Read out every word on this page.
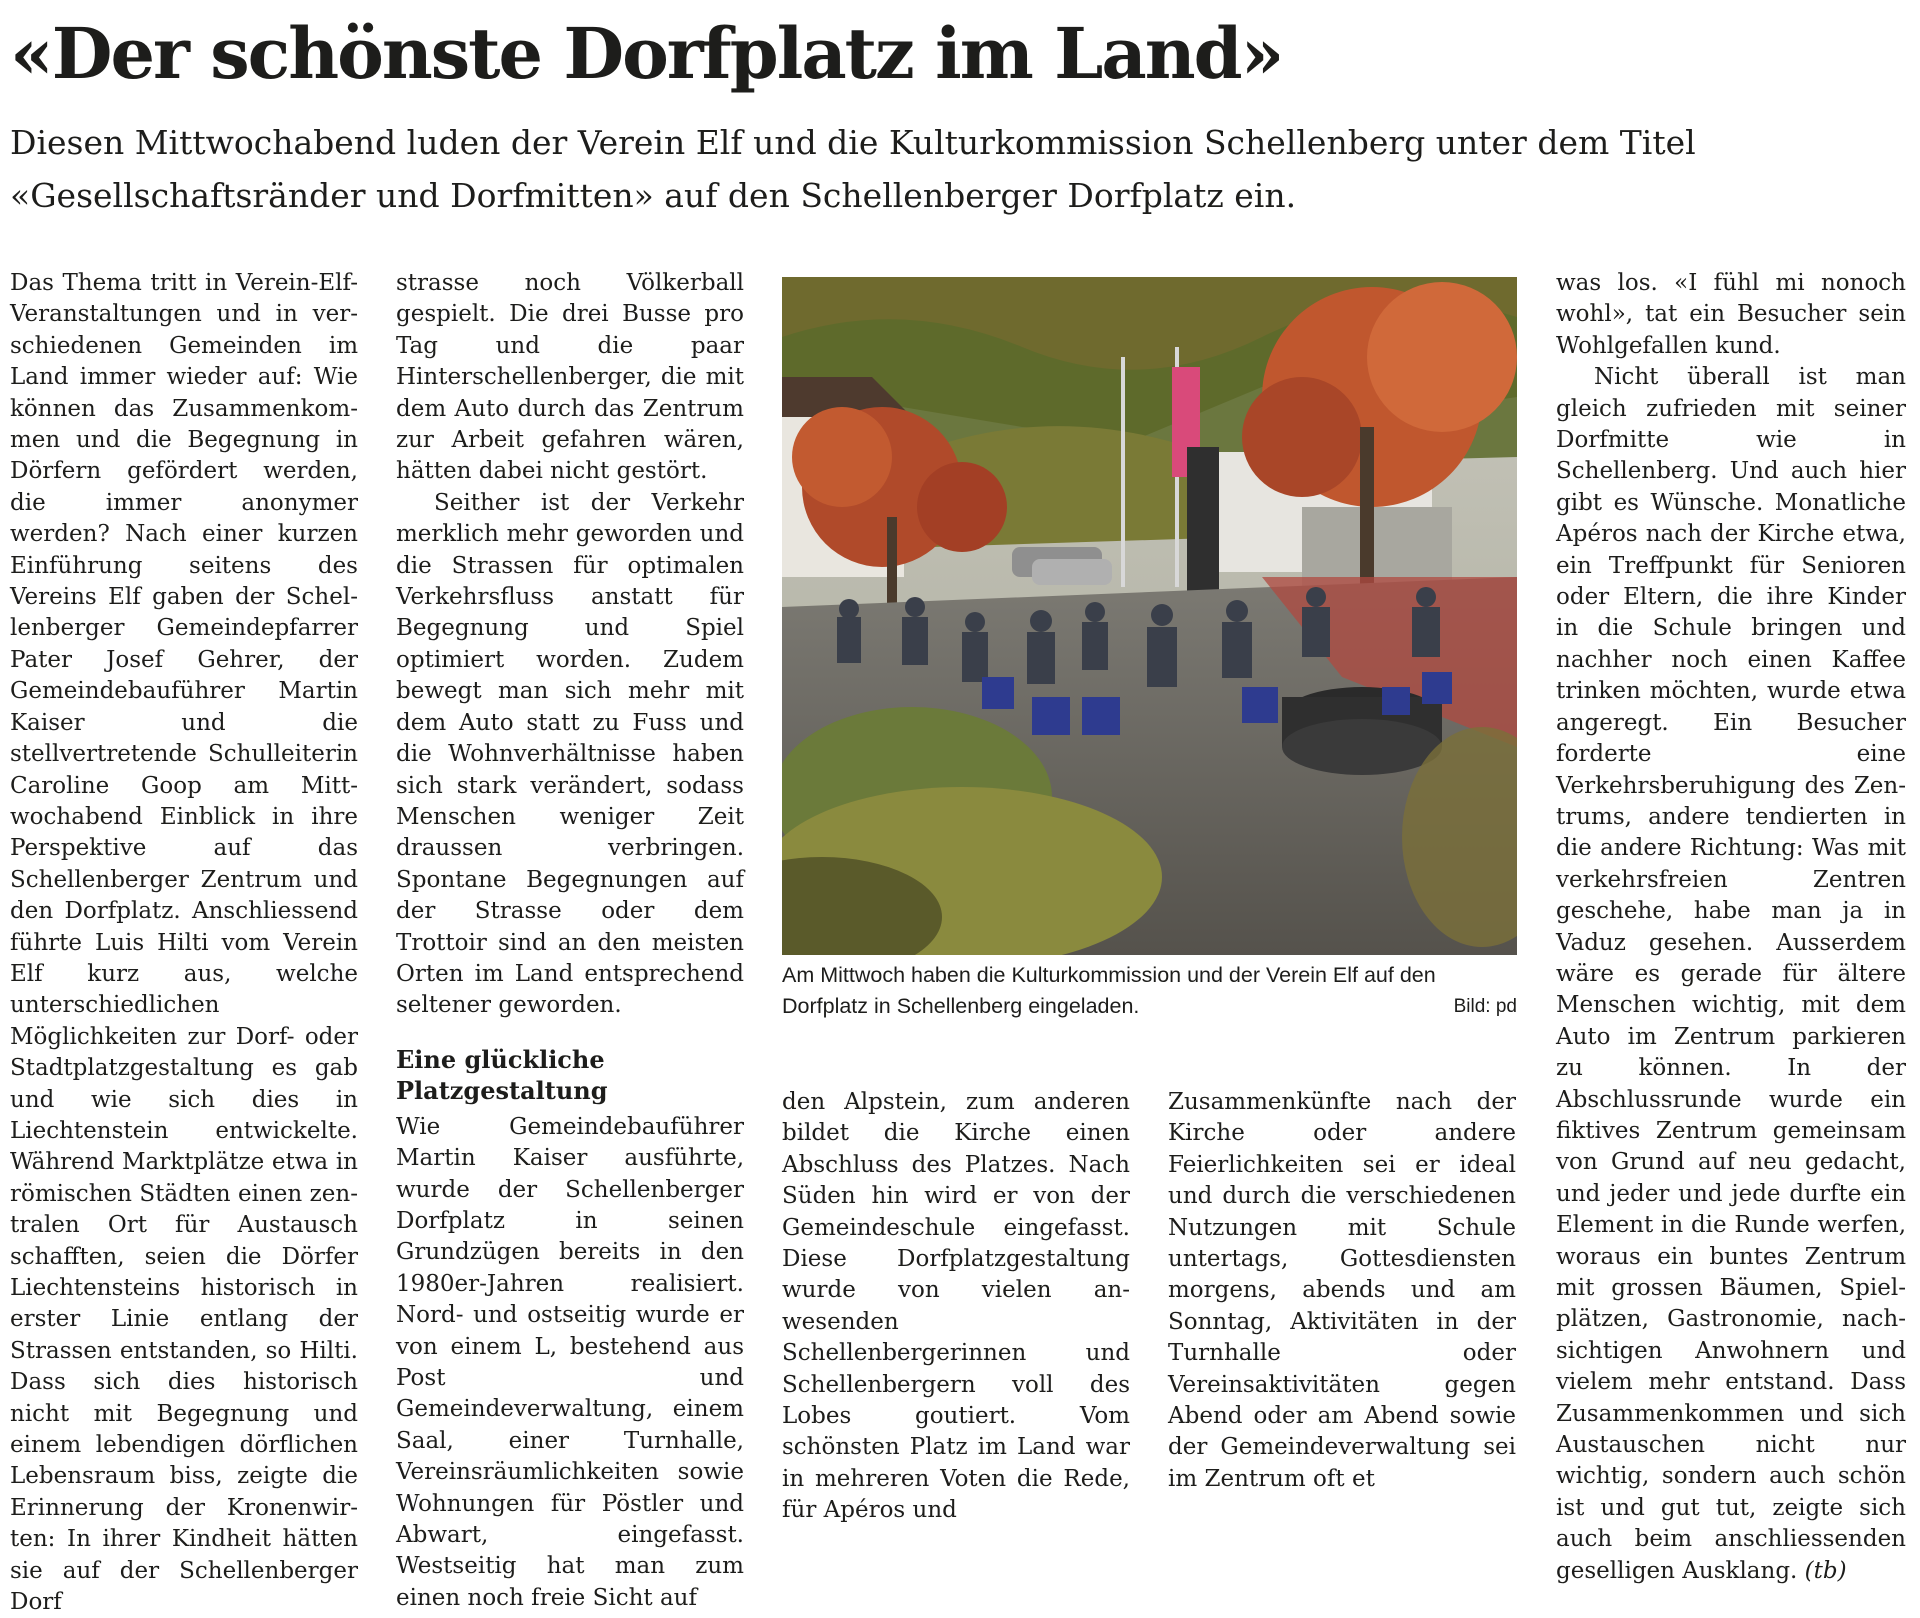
«Der schönste Dorfplatz im Land»

Diesen Mittwochabend luden der Verein Elf und die Kulturkommission Schellenberg unter dem Titel

«Gesellschaftsränder und Dorfmitten» auf den Schellenberger Dorfplatz ein.

Das Thema tritt in Verein-Elf-Veranstaltungen und in verschiedenen Gemeinden im Land immer wieder auf: Wie können das Zusammenkommen und die Begegnung in Dörfern gefördert werden, die immer anonymer werden? Nach einer kurzen Einführung seitens des Vereins Elf gaben der Schellenberger Gemeindepfarrer Pater Josef Gehrer, der Gemeindebauführer Martin Kaiser und die stellvertretende Schulleiterin Caroline Goop am Mittwochabend Einblick in ihre Perspektive auf das Schellenberger Zentrum und den Dorfplatz. Anschliessend führte Luis Hilti vom Verein Elf kurz aus, welche unterschiedlichen Möglichkeiten zur Dorf- oder Stadtplatzgestaltung es gab und wie sich dies in Liechtenstein entwickelte. Während Marktplätze etwa in römischen Städten einen zentralen Ort für Austausch schafften, seien die Dörfer Liechtensteins historisch in erster Linie entlang der Strassen entstanden, so Hilti. Dass sich dies historisch nicht mit Begegnung und einem lebendigen dörflichen Lebensraum biss, zeigte die Erinnerung der Kronenwirten: In ihrer Kindheit hätten sie auf der Schellenberger Dorf

strasse noch Völkerball gespielt. Die drei Busse pro Tag und die paar Hinterschellenberger, die mit dem Auto durch das Zentrum zur Arbeit gefahren wären, hätten dabei nicht gestört.

Seither ist der Verkehr merklich mehr geworden und die Strassen für optimalen Verkehrsfluss anstatt für Begegnung und Spiel optimiert worden. Zudem bewegt man sich mehr mit dem Auto statt zu Fuss und die Wohnverhältnisse haben sich stark verändert, sodass Menschen weniger Zeit draussen verbringen. Spontane Begegnungen auf der Strasse oder dem Trottoir sind an den meisten Orten im Land entsprechend seltener geworden.

Eine glückliche
Platzgestaltung

Wie Gemeindebauführer Martin Kaiser ausführte, wurde der Schellenberger Dorfplatz in seinen Grundzügen bereits in den 1980er-Jahren realisiert. Nord- und ostseitig wurde er von einem L, bestehend aus Post und Gemeindeverwaltung, einem Saal, einer Turnhalle, Vereinsräumlichkeiten sowie Wohnungen für Pöstler und Abwart, eingefasst. Westseitig hat man zum einen noch freie Sicht auf

Am Mittwoch haben die Kulturkommission und der Verein Elf auf den

Dorfplatz in Schellenberg eingeladen.	Bild: pd

den Alpstein, zum anderen bildet die Kirche einen Abschluss des Platzes. Nach Süden hin wird er von der Gemeindeschule eingefasst. Diese Dorfplatzgestaltung wurde von vielen anwesenden Schellenbergerinnen und Schellenbergern voll des Lobes goutiert. Vom schönsten Platz im Land war in mehreren Voten die Rede, für Apéros und

Zusammenkünfte nach der Kirche oder andere Feierlichkeiten sei er ideal und durch die verschiedenen Nutzungen mit Schule untertags, Gottesdiensten morgens, abends und am Sonntag, Aktivitäten in der Turnhalle oder Vereinsaktivitäten gegen Abend oder am Abend sowie der Gemeindeverwaltung sei im Zentrum oft et

was los. «I fühl mi nonoch wohl», tat ein Besucher sein Wohlgefallen kund.

Nicht überall ist man gleich zufrieden mit seiner Dorfmitte wie in Schellenberg. Und auch hier gibt es Wünsche. Monatliche Apéros nach der Kirche etwa, ein Treffpunkt für Senioren oder Eltern, die ihre Kinder in die Schule bringen und nachher noch einen Kaffee trinken möchten, wurde etwa angeregt. Ein Besucher forderte eine Verkehrsberuhigung des Zentrums, andere tendierten in die andere Richtung: Was mit verkehrsfreien Zentren geschehe, habe man ja in Vaduz gesehen. Ausserdem wäre es gerade für ältere Menschen wichtig, mit dem Auto im Zentrum parkieren zu können. In der Abschlussrunde wurde ein fiktives Zentrum gemeinsam von Grund auf neu gedacht, und jeder und jede durfte ein Element in die Runde werfen, woraus ein buntes Zentrum mit grossen Bäumen, Spielplätzen, Gastronomie, nachsichtigen Anwohnern und vielem mehr entstand. Dass Zusammenkommen und sich Austauschen nicht nur wichtig, sondern auch schön ist und gut tut, zeigte sich auch beim anschliessenden geselligen Ausklang. (tb)
